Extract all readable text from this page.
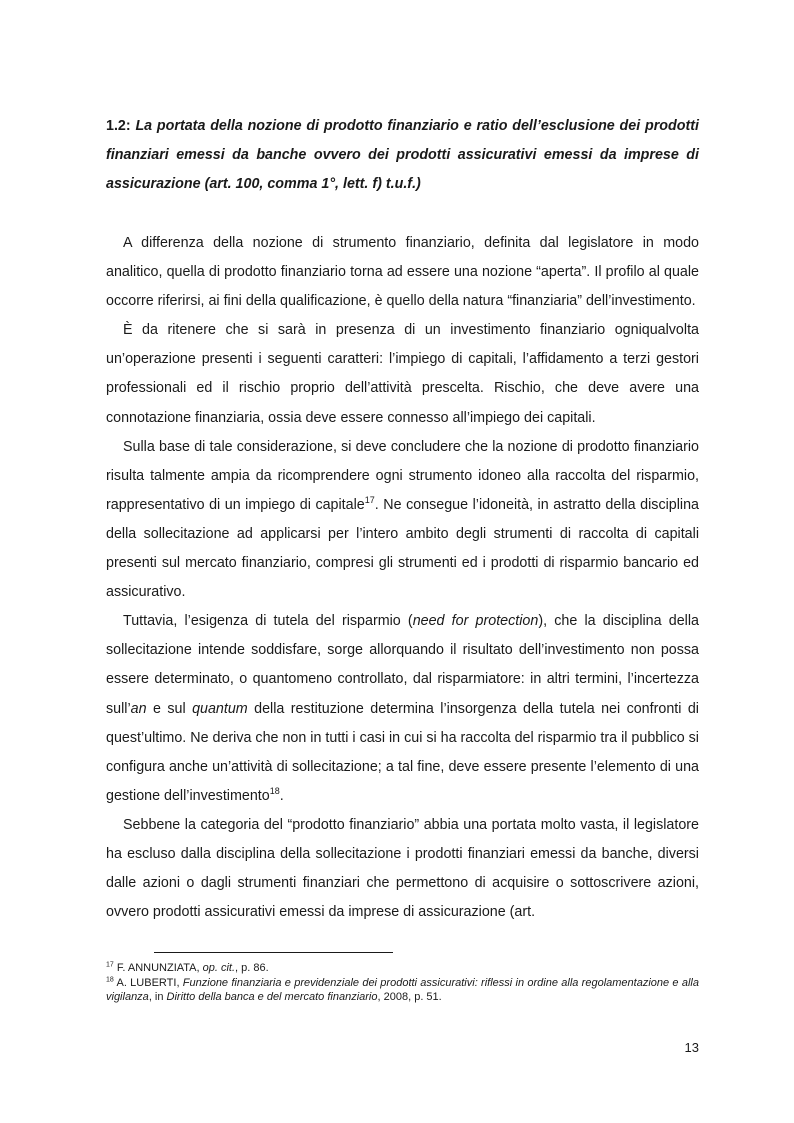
1.2: La portata della nozione di prodotto finanziario e ratio dell’esclusione dei prodotti finanziari emessi da banche ovvero dei prodotti assicurativi emessi da imprese di assicurazione (art. 100, comma 1°, lett. f) t.u.f.)

A differenza della nozione di strumento finanziario, definita dal legislatore in modo analitico, quella di prodotto finanziario torna ad essere una nozione “aperta”. Il profilo al quale occorre riferirsi, ai fini della qualificazione, è quello della natura “finanziaria” dell’investimento.

È da ritenere che si sarà in presenza di un investimento finanziario ogniqualvolta un’operazione presenti i seguenti caratteri: l’impiego di capitali, l’affidamento a terzi gestori professionali ed il rischio proprio dell’attività prescelta. Rischio, che deve avere una connotazione finanziaria, ossia deve essere connesso all’impiego dei capitali.

Sulla base di tale considerazione, si deve concludere che la nozione di prodotto finanziario risulta talmente ampia da ricomprendere ogni strumento idoneo alla raccolta del risparmio, rappresentativo di un impiego di capitale$^{17}$. Ne consegue l’idoneità, in astratto della disciplina della sollecitazione ad applicarsi per l’intero ambito degli strumenti di raccolta di capitali presenti sul mercato finanziario, compresi gli strumenti ed i prodotti di risparmio bancario ed assicurativo.

Tuttavia, l’esigenza di tutela del risparmio (need for protection), che la disciplina della sollecitazione intende soddisfare, sorge allorquando il risultato dell’investimento non possa essere determinato, o quantomeno controllato, dal risparmiatore: in altri termini, l’incertezza sull’an e sul quantum della restituzione determina l’insorgenza della tutela nei confronti di quest’ultimo. Ne deriva che non in tutti i casi in cui si ha raccolta del risparmio tra il pubblico si configura anche un’attività di sollecitazione; a tal fine, deve essere presente l’elemento di una gestione dell’investimento$^{18}$.

Sebbene la categoria del “prodotto finanziario” abbia una portata molto vasta, il legislatore ha escluso dalla disciplina della sollecitazione i prodotti finanziari emessi da banche, diversi dalle azioni o dagli strumenti finanziari che permettono di acquisire o sottoscrivere azioni, ovvero prodotti assicurativi emessi da imprese di assicurazione (art.

$^{17}$ F. ANNUNZIATA, op. cit., p. 86.

$^{18}$ A. LUBERTI, Funzione finanziaria e previdenziale dei prodotti assicurativi: riflessi in ordine alla regolamentazione e alla vigilanza, in Diritto della banca e del mercato finanziario, 2008, p. 51.

13
